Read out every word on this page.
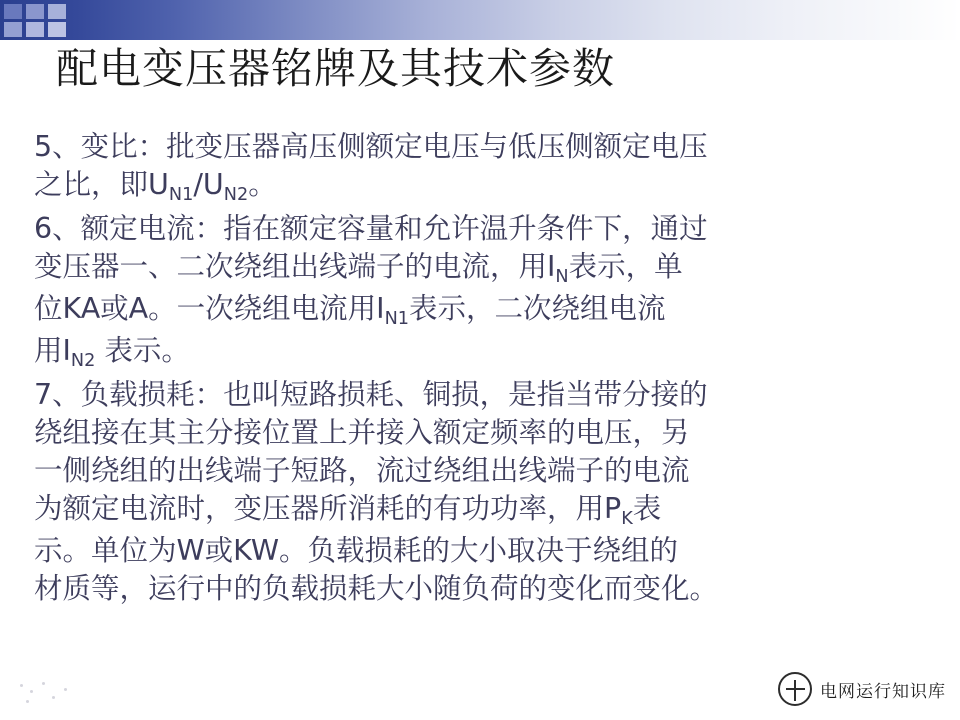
配电变压器铭牌及其技术参数

5、变比：批变压器高压侧额定电压与低压侧额定电压
之比，即$U_{N1}/U_{N2}$。

6、额定电流：指在额定容量和允许温升条件下，通过
变压器一、二次绕组出线端子的电流，用$I_N$表示，单
位KA或A。一次绕组电流用$I_{N1}$表示，二次绕组电流
用$I_{N2}$ 表示。

7、负载损耗：也叫短路损耗、铜损，是指当带分接的
绕组接在其主分接位置上并接入额定频率的电压，另
一侧绕组的出线端子短路，流过绕组出线端子的电流
为额定电流时，变压器所消耗的有功功率，用$P_K$表
示。单位为W或KW。负载损耗的大小取决于绕组的
材质等，运行中的负载损耗大小随负荷的变化而变化。

电网运行知识库
